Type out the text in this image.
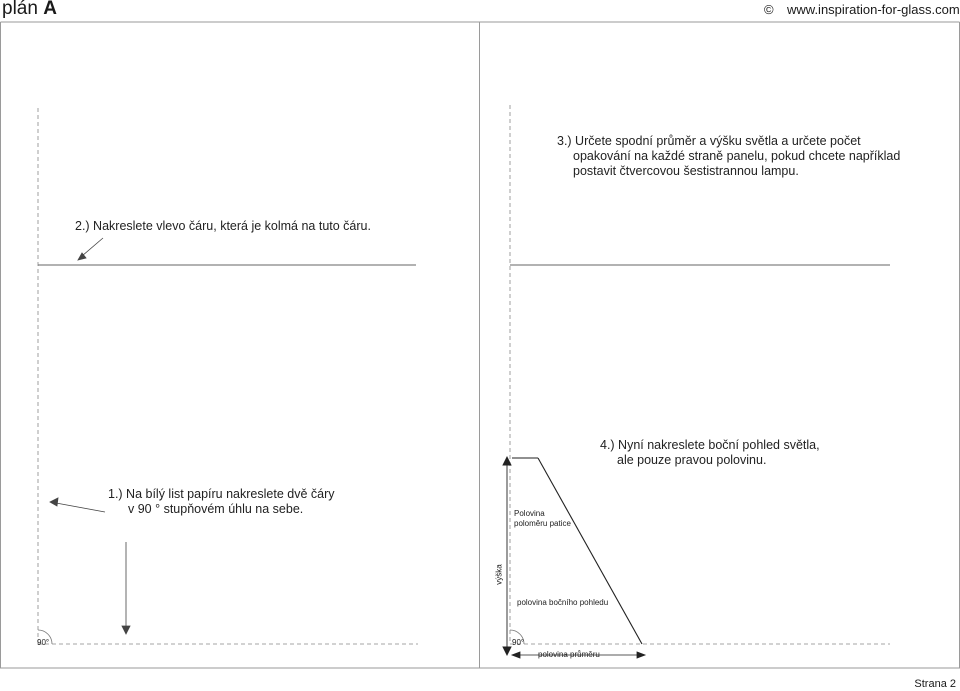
plán A	© www.inspiration-for-glass.com
3.) Určete spodní průměr a výšku světla a určete počet
opakování na každé straně panelu, pokud chcete například
postavit čtvercovou šestistrannou lampu.
2.) Nakreslete vlevo čáru, která je kolmá na tuto čáru.
4.) Nyní nakreslete boční pohled světla,
ale pouze pravou polovinu.
1.) Na bílý list papíru nakreslete dvě čáry
v 90 ° stupňovém úhlu na sebe.
90°	90°
Polovina
poloměru patice
výška
polovina bočního pohledu
polovina průměru
Strana 2
